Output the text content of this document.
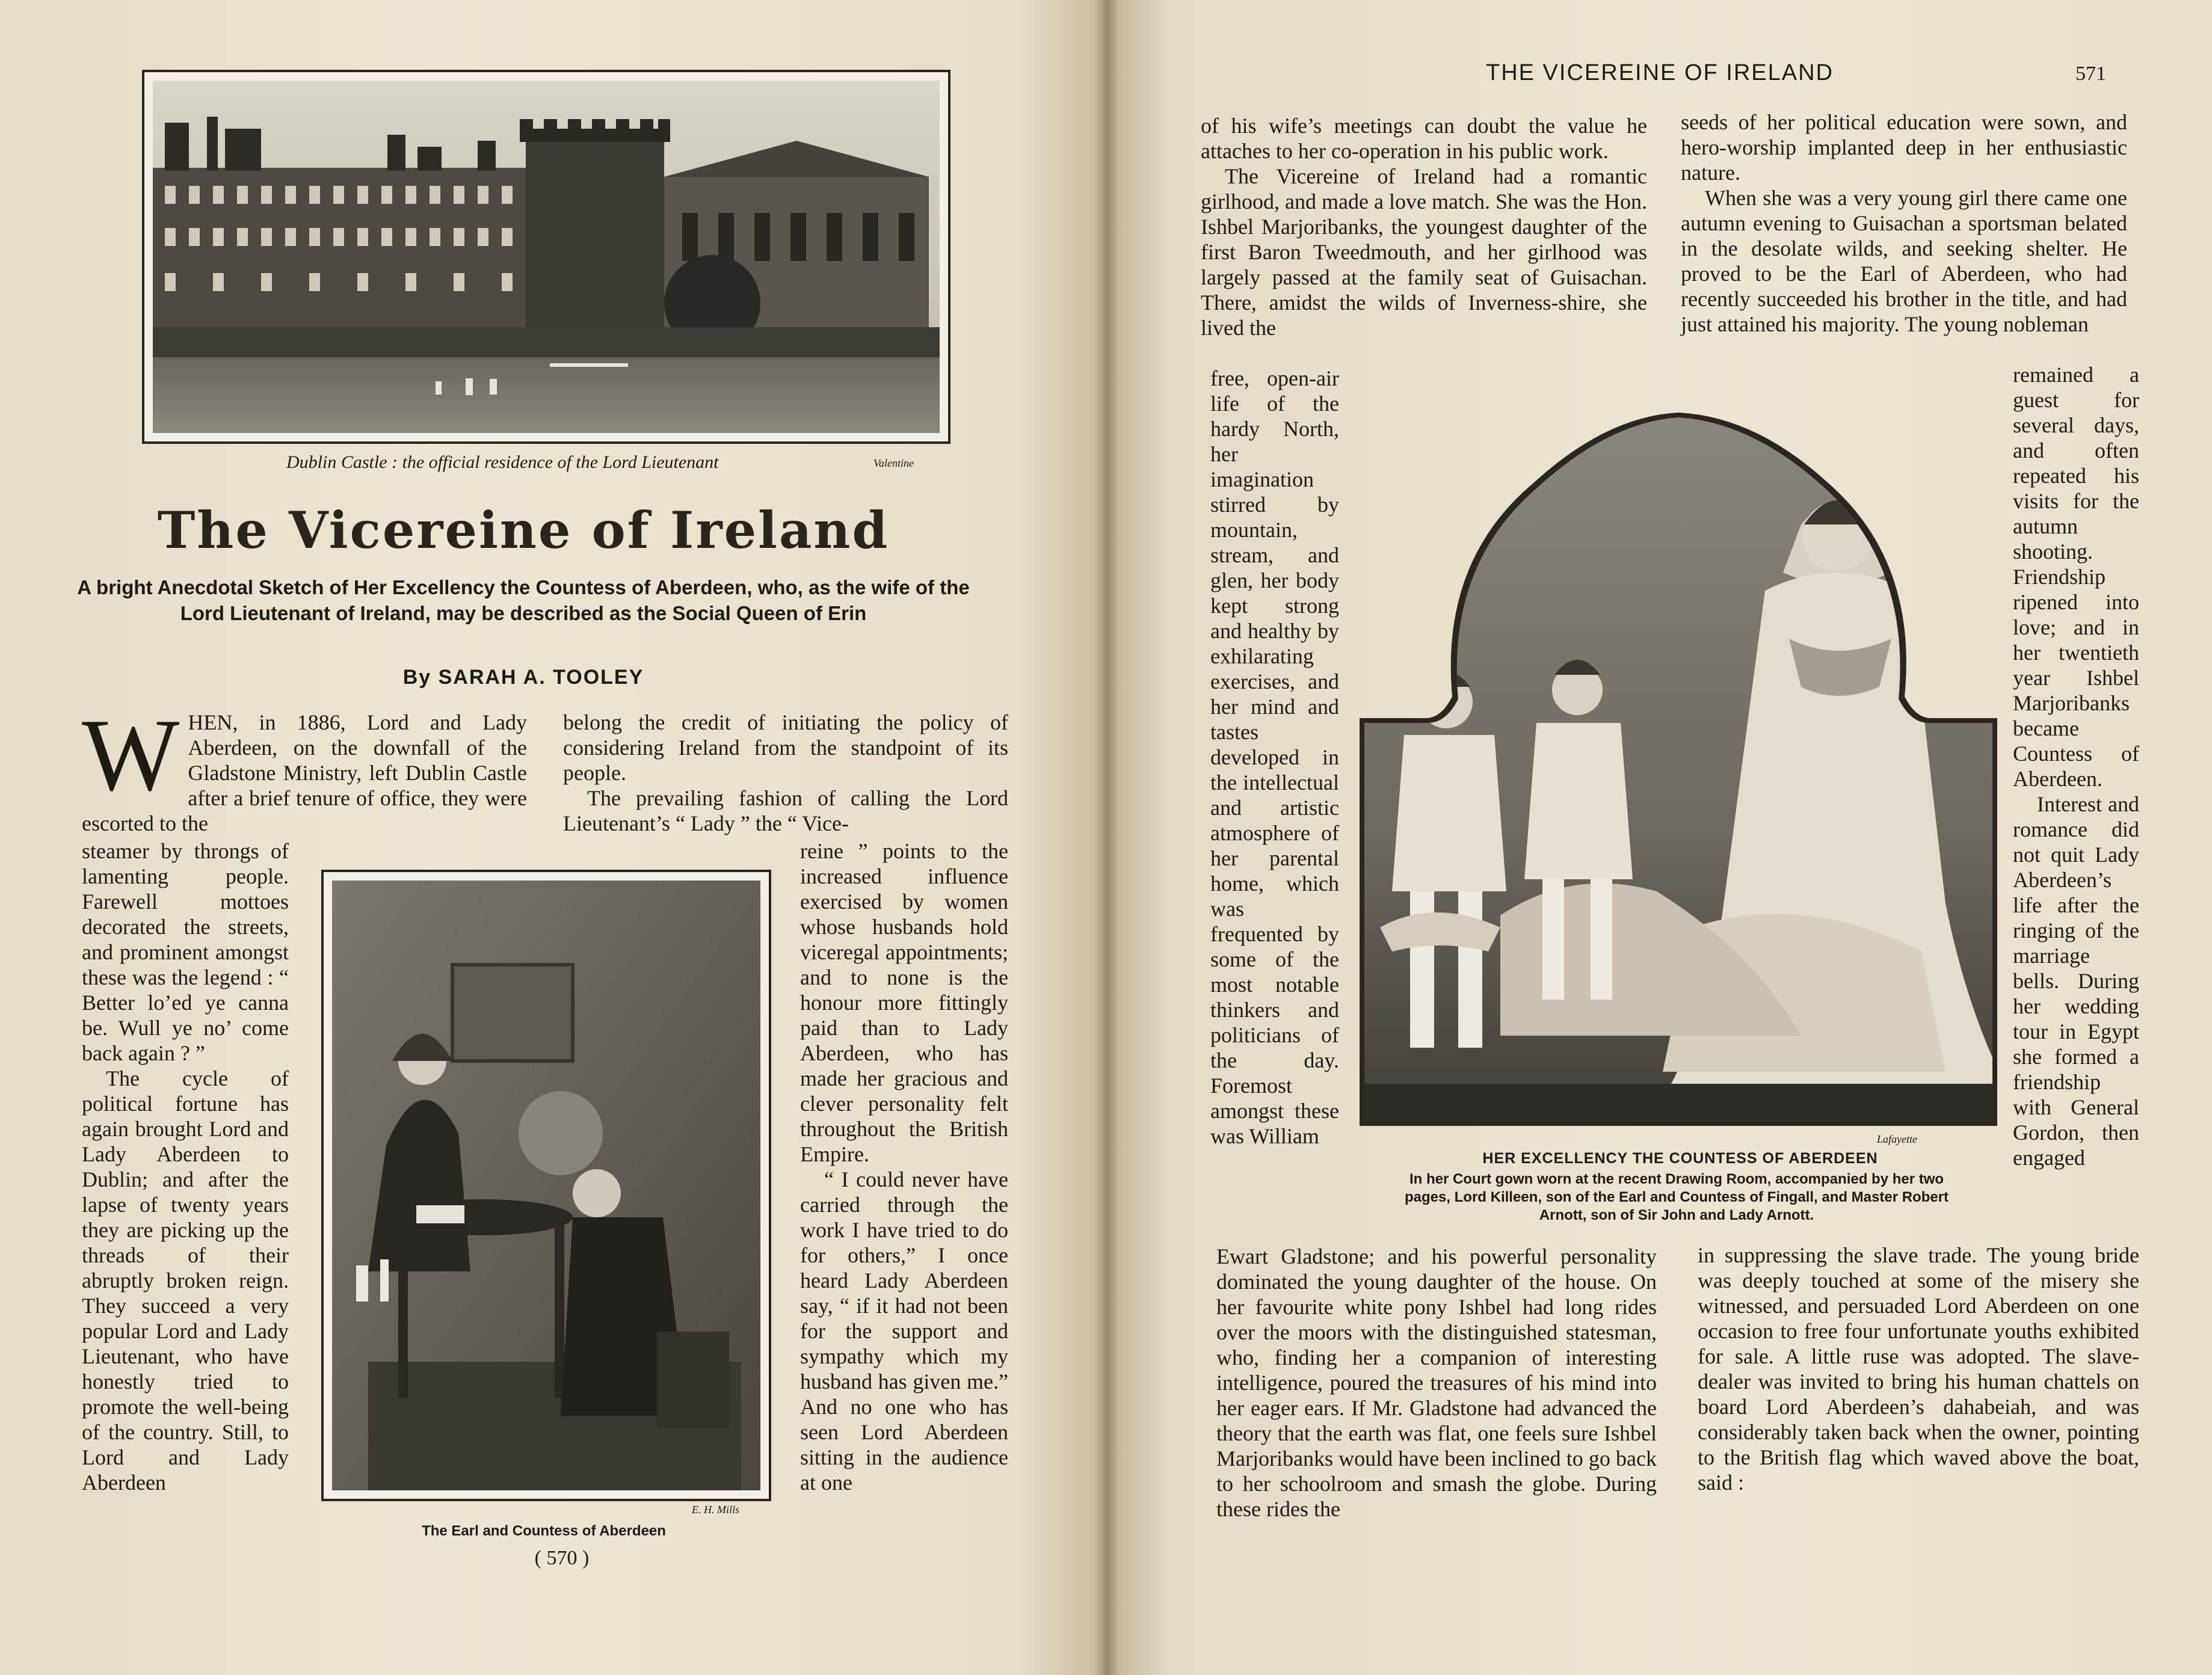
Dublin Castle : the official residence of the Lord Lieutenant	Valentine
The Vicereine of Ireland
A bright Anecdotal Sketch of Her Excellency the Countess of Aberdeen, who, as the wife of the Lord Lieutenant of Ireland, may be described as the Social Queen of Erin
By SARAH A. TOOLEY
W HEN, in 1886, Lord and Lady Aberdeen, on the downfall of the Gladstone Ministry, left Dublin Castle after a brief tenure of office, they were escorted to the

steamer by throngs of lamenting people. Farewell mottoes decorated the streets, and prominent amongst these was the legend : “ Better lo’ed ye canna be. Wull ye no’ come back again ? ”

The cycle of political fortune has again brought Lord and Lady Aberdeen to Dublin; and after the lapse of twenty years they are picking up the threads of their abruptly broken reign. They succeed a very popular Lord and Lady Lieutenant, who have honestly tried to promote the well-being of the country. Still, to Lord and Lady Aberdeen

belong the credit of initiating the policy of considering Ireland from the standpoint of its people.

The prevailing fashion of calling the Lord Lieutenant’s “ Lady ” the “ Vice-

reine ” points to the increased influence exercised by women whose husbands hold viceregal appointments; and to none is the honour more fittingly paid than to Lady Aberdeen, who has made her gracious and clever personality felt throughout the British Empire.

“ I could never have carried through the work I have tried to do for others,” I once heard Lady Aberdeen say, “ if it had not been for the support and sympathy which my husband has given me.” And no one who has seen Lord Aberdeen sitting in the audience at one

E. H. Mills
The Earl and Countess of Aberdeen
( 570 )
THE VICEREINE OF IRELAND	571

of his wife’s meetings can doubt the value he attaches to her co-operation in his public work.

The Vicereine of Ireland had a romantic girlhood, and made a love match. She was the Hon. Ishbel Marjoribanks, the youngest daughter of the first Baron Tweedmouth, and her girlhood was largely passed at the family seat of Guisachan. There, amidst the wilds of Inverness-shire, she lived the

free, open-air life of the hardy North, her imagination stirred by mountain, stream, and glen, her body kept strong and healthy by exhilarating exercises, and her mind and tastes developed in the intellectual and artistic atmosphere of her parental home, which was frequented by some of the most notable thinkers and politicians of the day. Foremost amongst these was William

Ewart Gladstone; and his powerful personality dominated the young daughter of the house. On her favourite white pony Ishbel had long rides over the moors with the distinguished statesman, who, finding her a companion of interesting intelligence, poured the treasures of his mind into her eager ears. If Mr. Gladstone had advanced the theory that the earth was flat, one feels sure Ishbel Marjoribanks would have been inclined to go back to her schoolroom and smash the globe. During these rides the

seeds of her political education were sown, and hero-worship implanted deep in her enthusiastic nature.

When she was a very young girl there came one autumn evening to Guisachan a sportsman belated in the desolate wilds, and seeking shelter. He proved to be the Earl of Aberdeen, who had recently succeeded his brother in the title, and had just attained his majority. The young nobleman

remained a guest for several days, and often repeated his visits for the autumn shooting. Friendship ripened into love; and in her twentieth year Ishbel Marjoribanks became Countess of Aberdeen.

Interest and romance did not quit Lady Aberdeen’s life after the ringing of the marriage bells. During her wedding tour in Egypt she formed a friendship with General Gordon, then engaged

in suppressing the slave trade. The young bride was deeply touched at some of the misery she witnessed, and persuaded Lord Aberdeen on one occasion to free four unfortunate youths exhibited for sale. A little ruse was adopted. The slave-dealer was invited to bring his human chattels on board Lord Aberdeen’s dahabeiah, and was considerably taken back when the owner, pointing to the British flag which waved above the boat, said :

Lafayette
HER EXCELLENCY THE COUNTESS OF ABERDEEN
In her Court gown worn at the recent Drawing Room, accompanied by her two pages, Lord Killeen, son of the Earl and Countess of Fingall, and Master Robert Arnott, son of Sir John and Lady Arnott.
